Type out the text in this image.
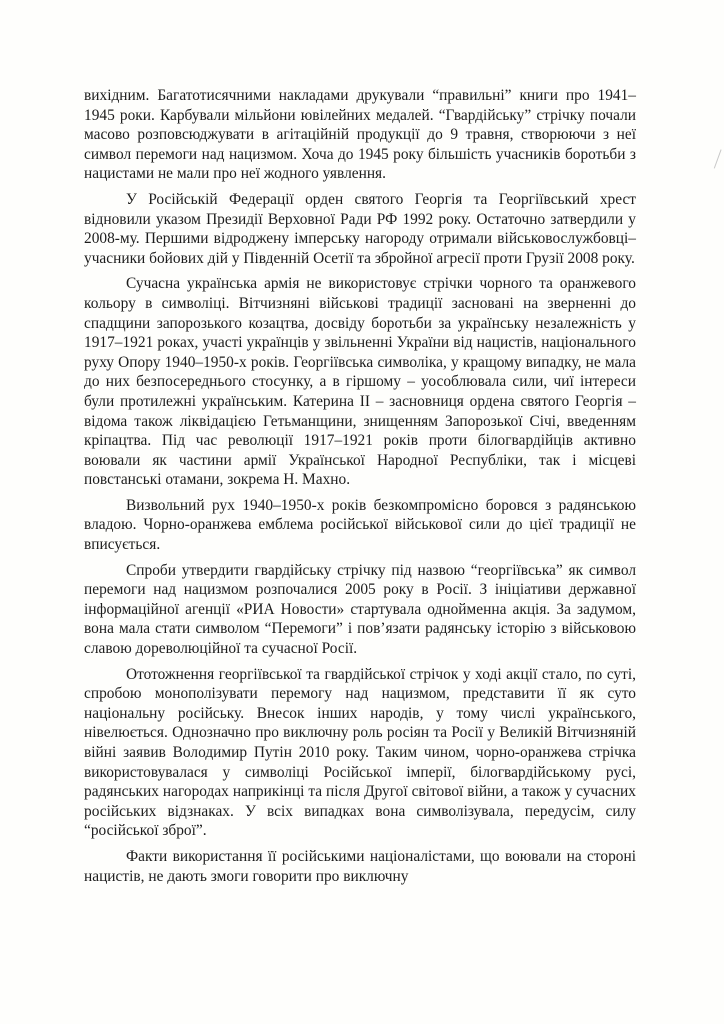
вихідним. Багатотисячними накладами друкували “правильні” книги про 1941–1945 роки. Карбували мільйони ювілейних медалей. “Гвардійську” стрічку почали масово розповсюджувати в агітаційній продукції до 9 травня, створюючи з неї символ перемоги над нацизмом. Хоча до 1945 року більшість учасників боротьби з нацистами не мали про неї жодного уявлення.

У Російській Федерації орден святого Георгія та Георгіївський хрест відновили указом Президії Верховної Ради РФ 1992 року. Остаточно затвердили у 2008-му. Першими відроджену імперську нагороду отримали військовослужбовці–учасники бойових дій у Південній Осетії та збройної агресії проти Грузії 2008 року.

Сучасна українська армія не використовує стрічки чорного та оранжевого кольору в символіці. Вітчизняні військові традиції засновані на зверненні до спадщини запорозького козацтва, досвіду боротьби за українську незалежність у 1917–1921 роках, участі українців у звільненні України від нацистів, національного руху Опору 1940–1950-х років. Георгіївська символіка, у кращому випадку, не мала до них безпосереднього стосунку, а в гіршому – уособлювала сили, чиї інтереси були протилежні українським. Катерина ІІ – засновниця ордена святого Георгія – відома також ліквідацією Гетьманщини, знищенням Запорозької Січі, введенням кріпацтва. Під час революції 1917–1921 років проти білогвардійців активно воювали як частини армії Української Народної Республіки, так і місцеві повстанські отамани, зокрема Н. Махно.

Визвольний рух 1940–1950-х років безкомпромісно боровся з радянською владою. Чорно-оранжева емблема російської військової сили до цієї традиції не вписується.

Спроби утвердити гвардійську стрічку під назвою “георгіївська” як символ перемоги над нацизмом розпочалися 2005 року в Росії. З ініціативи державної інформаційної агенції «РИА Новости» стартувала однойменна акція. За задумом, вона мала стати символом “Перемоги” і пов’язати радянську історію з військовою славою дореволюційної та сучасної Росії.

Ототожнення георгіївської та гвардійської стрічок у ході акції стало, по суті, спробою монополізувати перемогу над нацизмом, представити її як суто національну російську. Внесок інших народів, у тому числі українського, нівелюється. Однозначно про виключну роль росіян та Росії у Великій Вітчизняній війні заявив Володимир Путін 2010 року. Таким чином, чорно-оранжева стрічка використовувалася у символіці Російської імперії, білогвардійському русі, радянських нагородах наприкінці та після Другої світової війни, а також у сучасних російських відзнаках. У всіх випадках вона символізувала, передусім, силу “російської зброї”.

Факти використання її російськими націоналістами, що воювали на стороні нацистів, не дають змоги говорити про виключну
